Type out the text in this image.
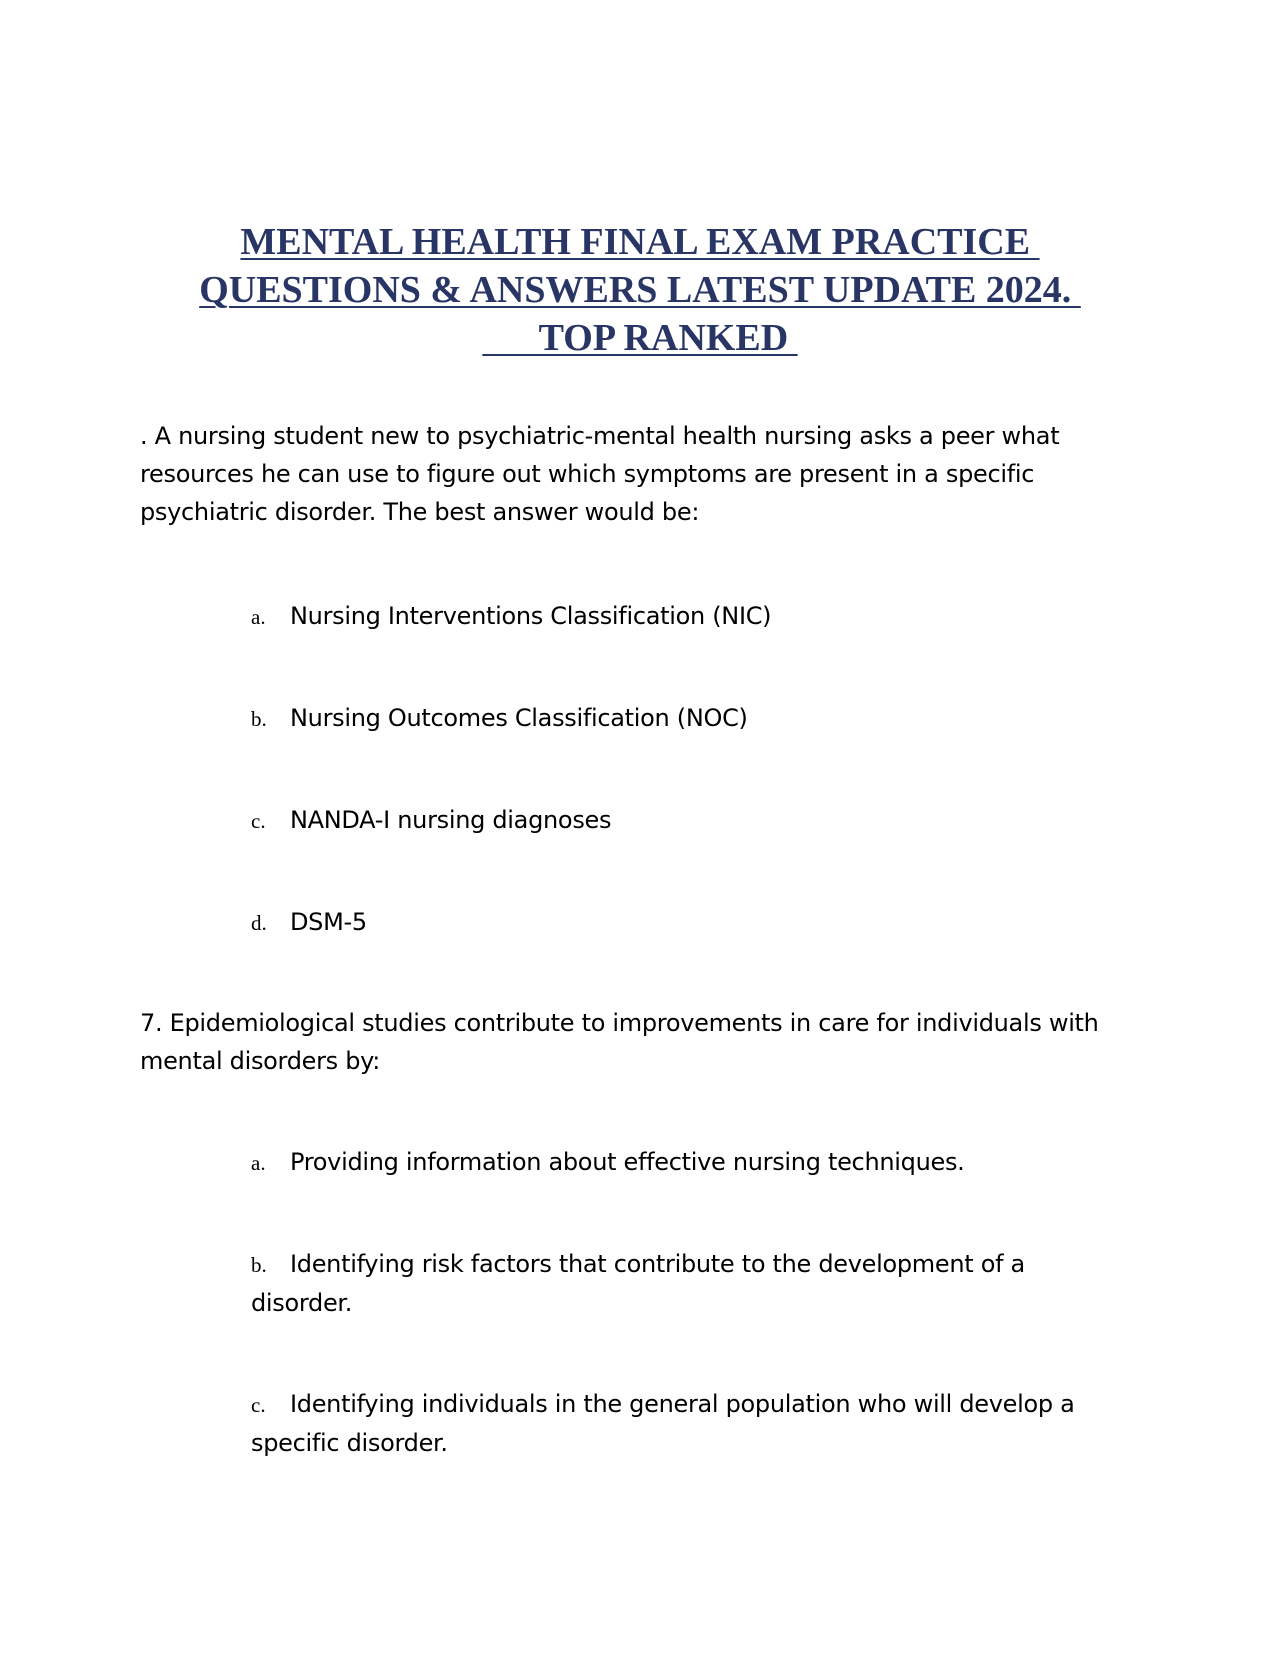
MENTAL HEALTH FINAL EXAM PRACTICE
QUESTIONS & ANSWERS LATEST UPDATE 2024.
TOP RANKED

. A nursing student new to psychiatric-mental health nursing asks a peer what resources he can use to figure out which symptoms are present in a specific psychiatric disorder. The best answer would be:

a. Nursing Interventions Classification (NIC)

b. Nursing Outcomes Classification (NOC)

c. NANDA-I nursing diagnoses

d. DSM-5

7. Epidemiological studies contribute to improvements in care for individuals with mental disorders by:

a. Providing information about effective nursing techniques.

b. Identifying risk factors that contribute to the development of a disorder.

c. Identifying individuals in the general population who will develop a specific disorder.
